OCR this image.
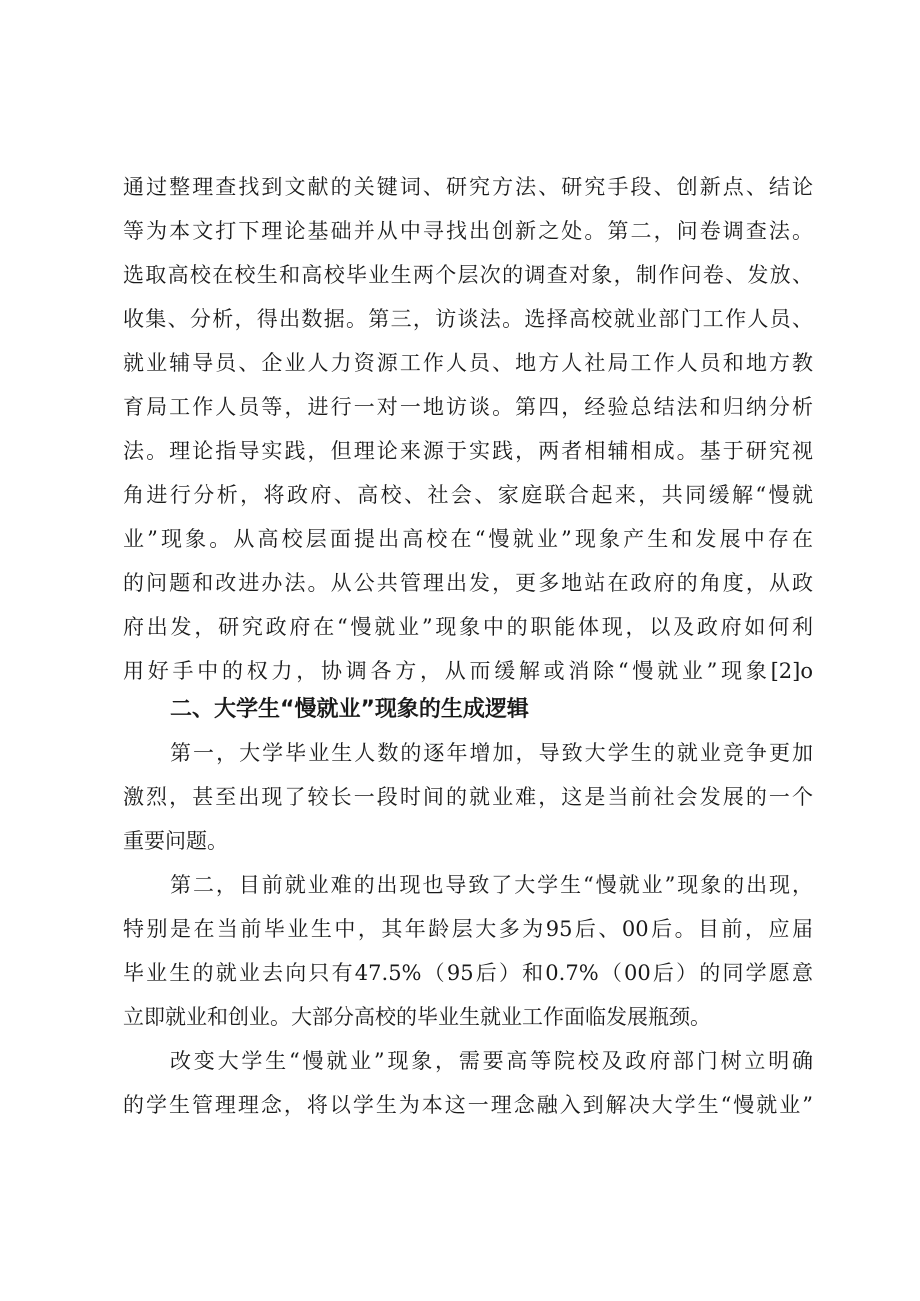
通过整理查找到文献的关键词、研究方法、研究手段、创新点、结论
等为本文打下理论基础并从中寻找出创新之处。第二，问卷调查法。
选取高校在校生和高校毕业生两个层次的调查对象，制作问卷、发放、
收集、分析，得出数据。第三，访谈法。选择高校就业部门工作人员、
就业辅导员、企业人力资源工作人员、地方人社局工作人员和地方教
育局工作人员等，进行一对一地访谈。第四，经验总结法和归纳分析
法。理论指导实践，但理论来源于实践，两者相辅相成。基于研究视
角进行分析，将政府、高校、社会、家庭联合起来，共同缓解“慢就
业”现象。从高校层面提出高校在“慢就业”现象产生和发展中存在
的问题和改进办法。从公共管理出发，更多地站在政府的角度，从政
府出发，研究政府在“慢就业”现象中的职能体现，以及政府如何利
用好手中的权力，协调各方，从而缓解或消除“慢就业”现象[2]o
二、大学生“慢就业”现象的生成逻辑
第一，大学毕业生人数的逐年增加，导致大学生的就业竞争更加
激烈，甚至出现了较长一段时间的就业难，这是当前社会发展的一个
重要问题。
第二，目前就业难的出现也导致了大学生“慢就业”现象的出现，
特别是在当前毕业生中，其年龄层大多为95后、00后。目前，应届
毕业生的就业去向只有47.5%（95后）和0.7%（00后）的同学愿意
立即就业和创业。大部分高校的毕业生就业工作面临发展瓶颈。
改变大学生“慢就业”现象，需要高等院校及政府部门树立明确
的学生管理理念，将以学生为本这一理念融入到解决大学生“慢就业”
